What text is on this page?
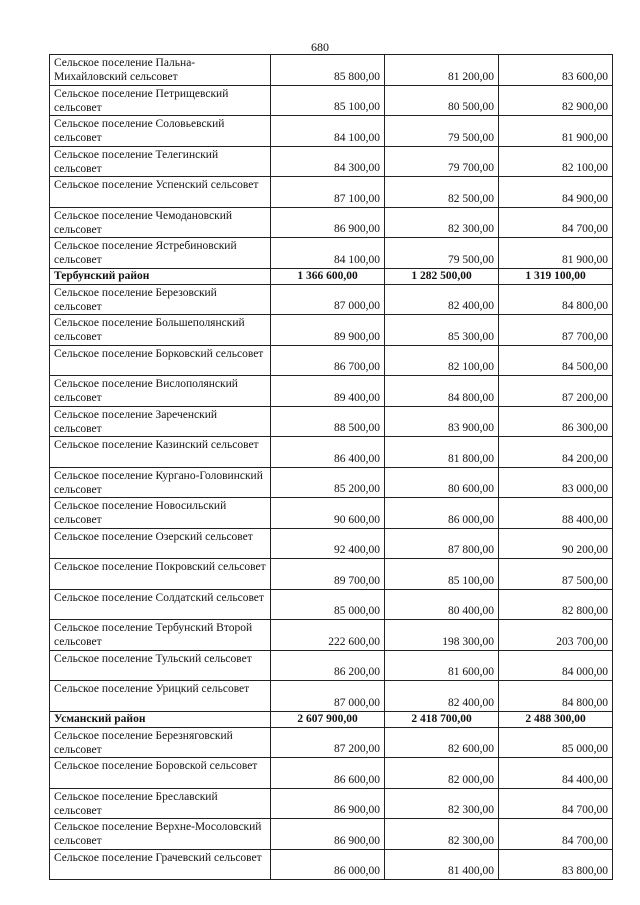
680
Сельское поселение Пальна-Михайловский сельсовет	85 800,00	81 200,00	83 600,00
Сельское поселение Петрищевский сельсовет	85 100,00	80 500,00	82 900,00
Сельское поселение Соловьевский сельсовет	84 100,00	79 500,00	81 900,00
Сельское поселение Телегинский сельсовет	84 300,00	79 700,00	82 100,00
Сельское поселение Успенский сельсовет	87 100,00	82 500,00	84 900,00
Сельское поселение Чемодановский сельсовет	86 900,00	82 300,00	84 700,00
Сельское поселение Ястребиновский сельсовет	84 100,00	79 500,00	81 900,00
Тербунский район	1 366 600,00	1 282 500,00	1 319 100,00
Сельское поселение Березовский сельсовет	87 000,00	82 400,00	84 800,00
Сельское поселение Большеполянский сельсовет	89 900,00	85 300,00	87 700,00
Сельское поселение Борковский сельсовет	86 700,00	82 100,00	84 500,00
Сельское поселение Вислополянский сельсовет	89 400,00	84 800,00	87 200,00
Сельское поселение Зареченский сельсовет	88 500,00	83 900,00	86 300,00
Сельское поселение Казинский сельсовет	86 400,00	81 800,00	84 200,00
Сельское поселение Кургано-Головинский сельсовет	85 200,00	80 600,00	83 000,00
Сельское поселение Новосильский сельсовет	90 600,00	86 000,00	88 400,00
Сельское поселение Озерский сельсовет	92 400,00	87 800,00	90 200,00
Сельское поселение Покровский сельсовет	89 700,00	85 100,00	87 500,00
Сельское поселение Солдатский сельсовет	85 000,00	80 400,00	82 800,00
Сельское поселение Тербунский Второй сельсовет	222 600,00	198 300,00	203 700,00
Сельское поселение Тульский сельсовет	86 200,00	81 600,00	84 000,00
Сельское поселение Урицкий сельсовет	87 000,00	82 400,00	84 800,00
Усманский район	2 607 900,00	2 418 700,00	2 488 300,00
Сельское поселение Березняговский сельсовет	87 200,00	82 600,00	85 000,00
Сельское поселение Боровской сельсовет	86 600,00	82 000,00	84 400,00
Сельское поселение Бреславский сельсовет	86 900,00	82 300,00	84 700,00
Сельское поселение Верхне-Мосоловский сельсовет	86 900,00	82 300,00	84 700,00
Сельское поселение Грачевский сельсовет	86 000,00	81 400,00	83 800,00
